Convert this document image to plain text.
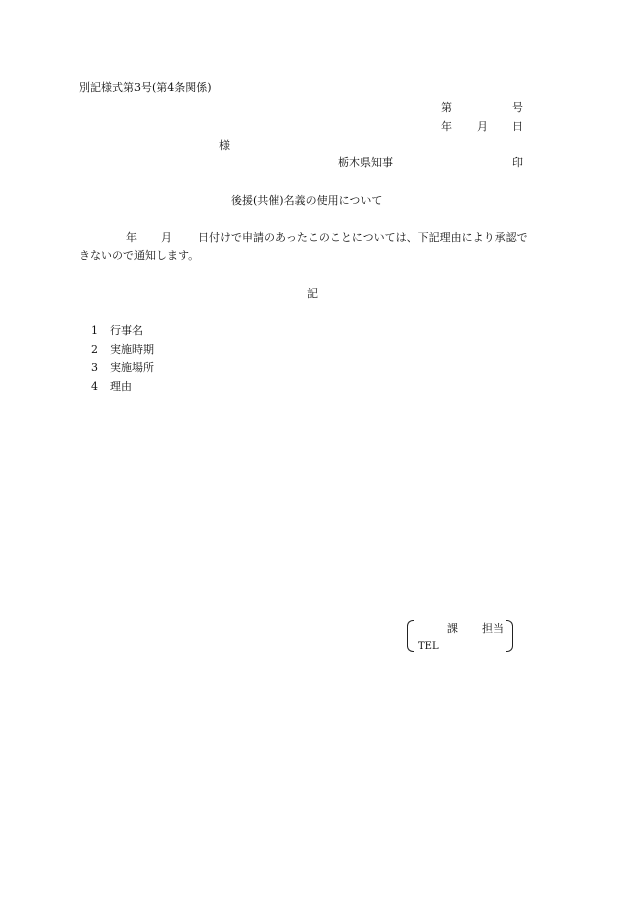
別記様式第3号(第4条関係)
第	号
年 月 日
様
栃木県知事	印
後援(共催)名義の使用について
年 月 日付けで申請のあったこのことについては、下記理由により承認で
きないので通知します。
記
1 行事名
2 実施時期
3 実施場所
4 理由
課 担当
TEL
